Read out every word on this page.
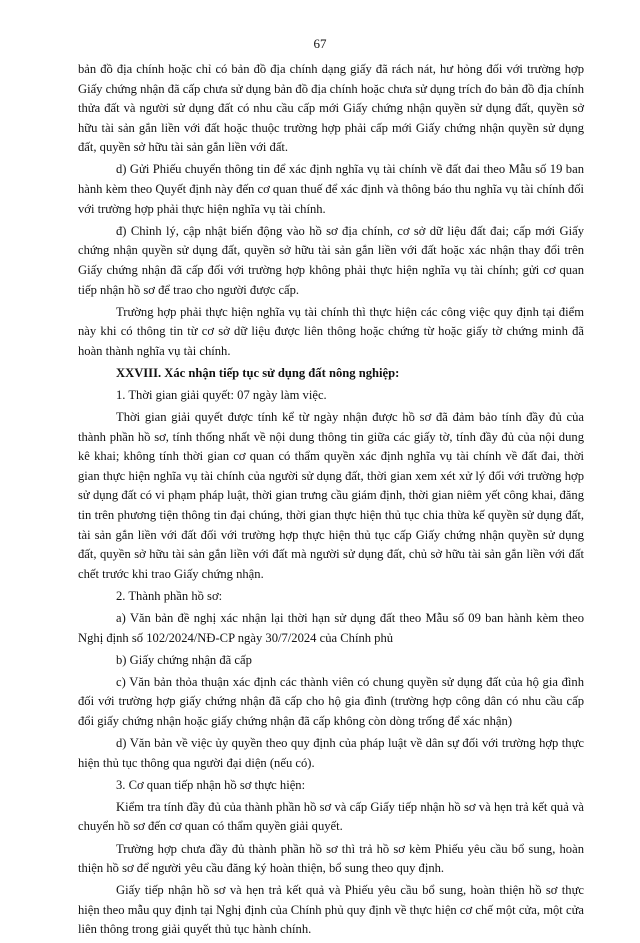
67

bản đồ địa chính hoặc chỉ có bản đồ địa chính dạng giấy đã rách nát, hư hỏng đối với trường hợp Giấy chứng nhận đã cấp chưa sử dụng bản đồ địa chính hoặc chưa sử dụng trích đo bản đồ địa chính thửa đất và người sử dụng đất có nhu cầu cấp mới Giấy chứng nhận quyền sử dụng đất, quyền sở hữu tài sản gắn liền với đất hoặc thuộc trường hợp phải cấp mới Giấy chứng nhận quyền sử dụng đất, quyền sở hữu tài sản gắn liền với đất.

d) Gửi Phiếu chuyển thông tin để xác định nghĩa vụ tài chính về đất đai theo Mẫu số 19 ban hành kèm theo Quyết định này đến cơ quan thuế để xác định và thông báo thu nghĩa vụ tài chính đối với trường hợp phải thực hiện nghĩa vụ tài chính.

đ) Chỉnh lý, cập nhật biến động vào hồ sơ địa chính, cơ sở dữ liệu đất đai; cấp mới Giấy chứng nhận quyền sử dụng đất, quyền sở hữu tài sản gắn liền với đất hoặc xác nhận thay đổi trên Giấy chứng nhận đã cấp đối với trường hợp không phải thực hiện nghĩa vụ tài chính; gửi cơ quan tiếp nhận hồ sơ để trao cho người được cấp.

Trường hợp phải thực hiện nghĩa vụ tài chính thì thực hiện các công việc quy định tại điểm này khi có thông tin từ cơ sở dữ liệu được liên thông hoặc chứng từ hoặc giấy tờ chứng minh đã hoàn thành nghĩa vụ tài chính.

XXVIII. Xác nhận tiếp tục sử dụng đất nông nghiệp:

1. Thời gian giải quyết: 07 ngày làm việc.

Thời gian giải quyết được tính kể từ ngày nhận được hồ sơ đã đảm bảo tính đầy đủ của thành phần hồ sơ, tính thống nhất về nội dung thông tin giữa các giấy tờ, tính đầy đủ của nội dung kê khai; không tính thời gian cơ quan có thẩm quyền xác định nghĩa vụ tài chính về đất đai, thời gian thực hiện nghĩa vụ tài chính của người sử dụng đất, thời gian xem xét xử lý đối với trường hợp sử dụng đất có vi phạm pháp luật, thời gian trưng cầu giám định, thời gian niêm yết công khai, đăng tin trên phương tiện thông tin đại chúng, thời gian thực hiện thủ tục chia thừa kế quyền sử dụng đất, tài sản gắn liền với đất đối với trường hợp thực hiện thủ tục cấp Giấy chứng nhận quyền sử dụng đất, quyền sở hữu tài sản gắn liền với đất mà người sử dụng đất, chủ sở hữu tài sản gắn liền với đất chết trước khi trao Giấy chứng nhận.

2. Thành phần hồ sơ:

a) Văn bản đề nghị xác nhận lại thời hạn sử dụng đất theo Mẫu số 09 ban hành kèm theo Nghị định số 102/2024/NĐ-CP ngày 30/7/2024 của Chính phủ

b) Giấy chứng nhận đã cấp

c) Văn bản thỏa thuận xác định các thành viên có chung quyền sử dụng đất của hộ gia đình đối với trường hợp giấy chứng nhận đã cấp cho hộ gia đình (trường hợp công dân có nhu cầu cấp đổi giấy chứng nhận hoặc giấy chứng nhận đã cấp không còn dòng trống để xác nhận)

d) Văn bản về việc ủy quyền theo quy định của pháp luật về dân sự đối với trường hợp thực hiện thủ tục thông qua người đại diện (nếu có).

3. Cơ quan tiếp nhận hồ sơ thực hiện:

Kiểm tra tính đầy đủ của thành phần hồ sơ và cấp Giấy tiếp nhận hồ sơ và hẹn trả kết quả và chuyển hồ sơ đến cơ quan có thẩm quyền giải quyết.

Trường hợp chưa đầy đủ thành phần hồ sơ thì trả hồ sơ kèm Phiếu yêu cầu bổ sung, hoàn thiện hồ sơ để người yêu cầu đăng ký hoàn thiện, bổ sung theo quy định.

Giấy tiếp nhận hồ sơ và hẹn trả kết quả và Phiếu yêu cầu bổ sung, hoàn thiện hồ sơ thực hiện theo mẫu quy định tại Nghị định của Chính phủ quy định về thực hiện cơ chế một cửa, một cửa liên thông trong giải quyết thủ tục hành chính.
